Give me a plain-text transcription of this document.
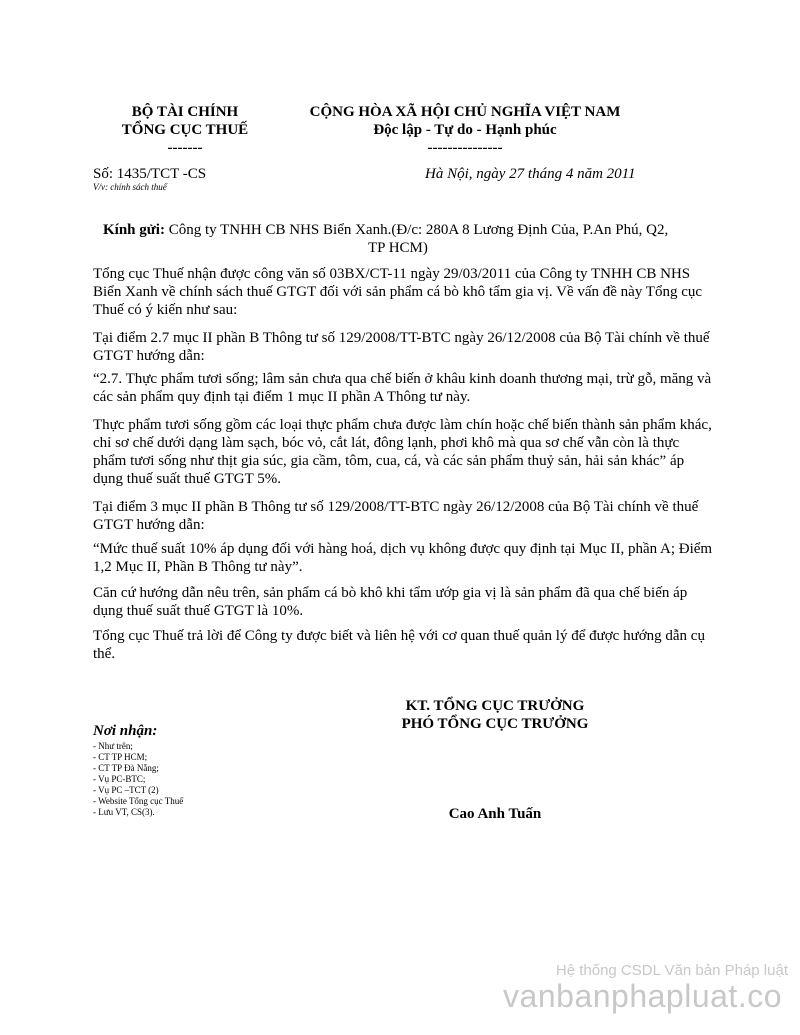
BỘ TÀI CHÍNH
TỔNG CỤC THUẾ
-------
CỘNG HÒA XÃ HỘI CHỦ NGHĨA VIỆT NAM
Độc lập - Tự do - Hạnh phúc
---------------
Số: 1435/TCT -CS
V/v: chính sách thuế
Hà Nội, ngày 27 tháng 4 năm 2011
Kính gửi: Công ty TNHH CB NHS Biển Xanh.(Đ/c: 280A 8 Lương Định Của, P.An Phú, Q2,
TP HCM)
Tổng cục Thuế nhận được công văn số 03BX/CT-11 ngày 29/03/2011 của Công ty TNHH CB NHS Biển Xanh về chính sách thuế GTGT đối với sản phẩm cá bò khô tẩm gia vị. Về vấn đề này Tổng cục Thuế có ý kiến như sau:
Tại điểm 2.7 mục II phần B Thông tư số 129/2008/TT-BTC ngày 26/12/2008 của Bộ Tài chính về thuế GTGT hướng dẫn:
“2.7. Thực phẩm tươi sống; lâm sản chưa qua chế biến ở khâu kinh doanh thương mại, trừ gỗ, măng và các sản phẩm quy định tại điểm 1 mục II phần A Thông tư này.
Thực phẩm tươi sống gồm các loại thực phẩm chưa được làm chín hoặc chế biến thành sản phẩm khác, chỉ sơ chế dưới dạng làm sạch, bóc vỏ, cắt lát, đông lạnh, phơi khô mà qua sơ chế vẫn còn là thực phẩm tươi sống như thịt gia súc, gia cầm, tôm, cua, cá, và các sản phẩm thuỷ sản, hải sản khác” áp dụng thuế suất thuế GTGT 5%.
Tại điểm 3 mục II phần B Thông tư số 129/2008/TT-BTC ngày 26/12/2008 của Bộ Tài chính về thuế GTGT hướng dẫn:
“Mức thuế suất 10% áp dụng đối với hàng hoá, dịch vụ không được quy định tại Mục II, phần A; Điểm 1,2 Mục II, Phần B Thông tư này”.
Căn cứ hướng dẫn nêu trên, sản phẩm cá bò khô khi tẩm ướp gia vị là sản phẩm đã qua chế biến áp dụng thuế suất thuế GTGT là 10%.
Tổng cục Thuế trả lời để Công ty được biết và liên hệ với cơ quan thuế quản lý để được hướng dẫn cụ thể.
KT. TỔNG CỤC TRƯỞNG
PHÓ TỔNG CỤC TRƯỞNG
Cao Anh Tuấn
Nơi nhận:
- Như trên;
- CT TP HCM;
- CT TP Đà Nẵng;
- Vụ PC-BTC;
- Vụ PC –TCT (2)
- Website Tổng cục Thuế
- Lưu VT, CS(3).
Hệ thống CSDL Văn bản Pháp luật
vanbanphapluat.co
